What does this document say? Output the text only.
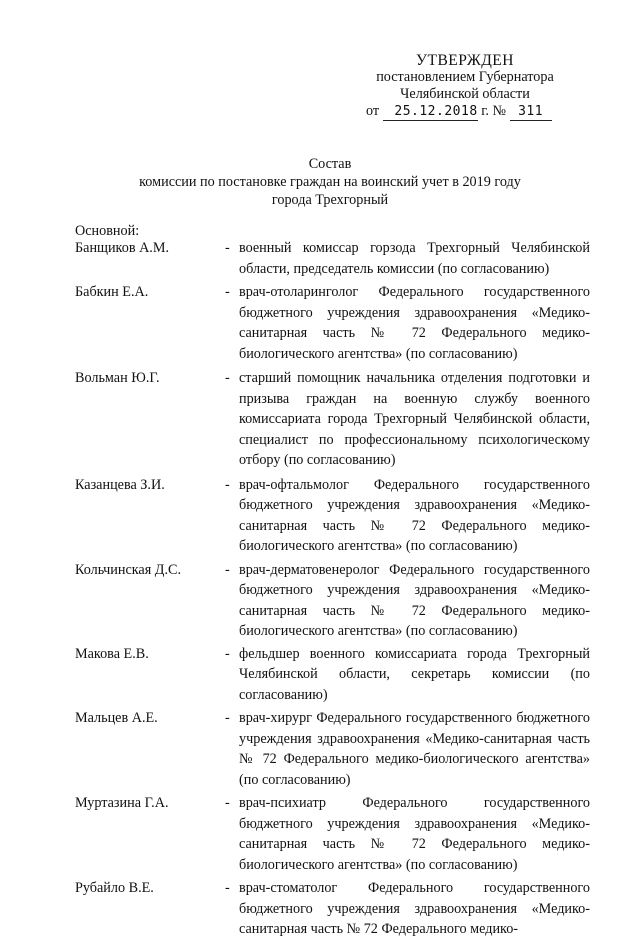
УТВЕРЖДЕН
постановлением Губернатора
Челябинской области
от 25.12.2018 г. № 311
Состав
комиссии по постановке граждан на воинский учет в 2019 году
города Трехгорный
Основной:
Банщиков А.М.	- военный комиссар горзода Трехгорный Челябинской области, председатель комиссии (по согласованию)
Бабкин Е.А.	- врач-отоларинголог Федерального государственного бюджетного учреждения здравоохранения «Медико-санитарная часть № 72 Федерального медико-биологического агентства» (по согласованию)
Вольман Ю.Г.	- старший помощник начальника отделения подготовки и призыва граждан на военную службу военного комиссариата города Трехгорный Челябинской области, специалист по профессиональному психологическому отбору (по согласованию)
Казанцева З.И.	- врач-офтальмолог Федерального государственного бюджетного учреждения здравоохранения «Медико-санитарная часть № 72 Федерального медико-биологического агентства» (по согласованию)
Кольчинская Д.С.	- врач-дерматовенеролог Федерального государственного бюджетного учреждения здравоохранения «Медико-санитарная часть № 72 Федерального медико-биологического агентства» (по согласованию)
Макова Е.В.	- фельдшер военного комиссариата города Трехгорный Челябинской области, секретарь комиссии (по согласованию)
Мальцев А.Е.	- врач-хирург Федерального государственного бюджетного учреждения здравоохранения «Медико-санитарная часть № 72 Федерального медико-биологического агентства» (по согласованию)
Муртазина Г.А.	- врач-психиатр Федерального государственного бюджетного учреждения здравоохранения «Медико-санитарная часть № 72 Федерального медико-биологического агентства» (по согласованию)
Рубайло В.Е.	- врач-стоматолог Федерального государственного бюджетного учреждения здравоохранения «Медико-санитарная часть № 72 Федерального медико-
